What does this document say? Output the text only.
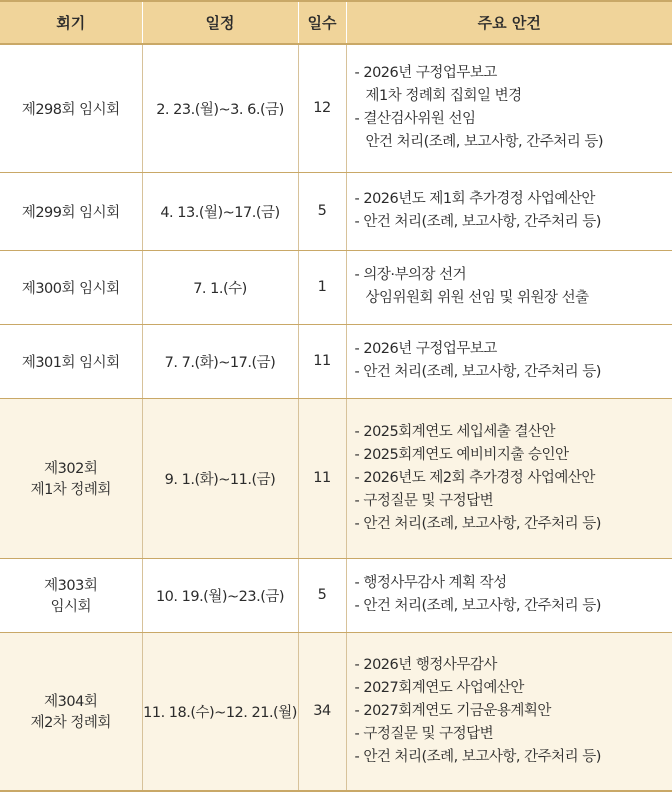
회기	일정	일수	주요 안건

제298회 임시회	2. 23.(월)~3. 6.(금)	12	- 2026년 구정업무보고
제1차 정례회 집회일 변경
- 결산검사위원 선임
안건 처리(조례, 보고사항, 간주처리 등)

제299회 임시회	4. 13.(월)~17.(금)	5	- 2026년도 제1회 추가경정 사업예산안
- 안건 처리(조례, 보고사항, 간주처리 등)

제300회 임시회	7. 1.(수)	1	- 의장·부의장 선거
상임위원회 위원 선임 및 위원장 선출

제301회 임시회	7. 7.(화)~17.(금)	11	- 2026년 구정업무보고
- 안건 처리(조례, 보고사항, 간주처리 등)

제302회
제1차 정례회	9. 1.(화)~11.(금)	11	- 2025회계연도 세입세출 결산안
- 2025회계연도 예비비지출 승인안
- 2026년도 제2회 추가경정 사업예산안
- 구정질문 및 구정답변
- 안건 처리(조례, 보고사항, 간주처리 등)

제303회
임시회	10. 19.(월)~23.(금)	5	- 행정사무감사 계획 작성
- 안건 처리(조례, 보고사항, 간주처리 등)

제304회
제2차 정례회	11. 18.(수)~12. 21.(월)	34	- 2026년 행정사무감사
- 2027회계연도 사업예산안
- 2027회계연도 기금운용계획안
- 구정질문 및 구정답변
- 안건 처리(조례, 보고사항, 간주처리 등)
